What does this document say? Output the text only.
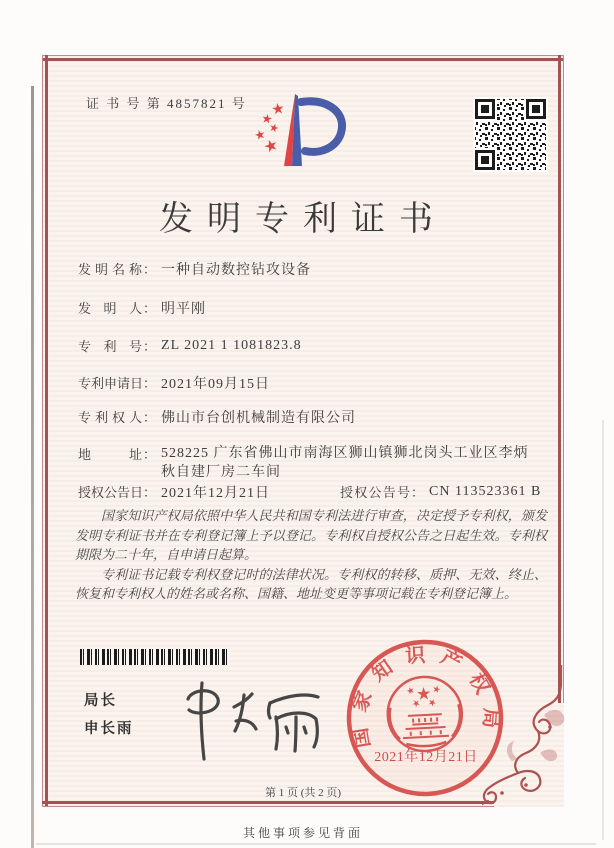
证 书 号 第 4857821 号
发明专利证书
发明名称： 一种自动数控钻攻设备
发明人： 明平刚
专利号： ZL 2021 1 1081823.8
专利申请日： 2021年09月15日
专利权人： 佛山市台创机械制造有限公司
地址： 528225 广东省佛山市南海区狮山镇狮北岗头工业区李炳秋自建厂房二车间
授权公告日： 2021年12月21日	授权公告号： CN 113523361 B

国家知识产权局依照中华人民共和国专利法进行审查，决定授予专利权，颁发发明专利证书并在专利登记簿上予以登记。专利权自授权公告之日起生效。专利权期限为二十年，自申请日起算。

专利证书记载专利权登记时的法律状况。专利权的转移、质押、无效、终止、恢复和专利权人的姓名或名称、国籍、地址变更等事项记载在专利登记簿上。

局长
申长雨	国家知识产权局
2021年12月21日
第 1 页 (共 2 页)
其他事项参见背面
